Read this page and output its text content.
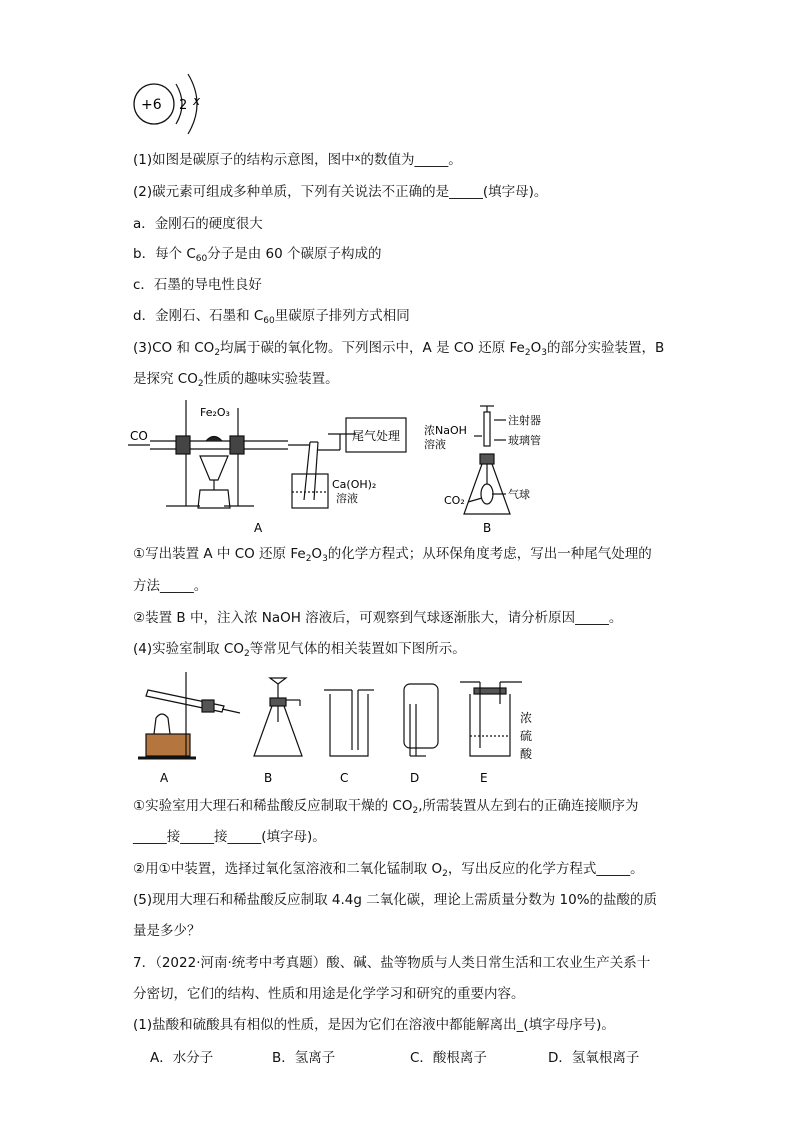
+6 2 x
(1)如图是碳原子的结构示意图，图中$^x$的数值为_____。
(2)碳元素可组成多种单质，下列有关说法不正确的是_____(填字母)。
a．金刚石的硬度很大
b．每个 $C_{60}$分子是由 60 个碳原子构成的
c．石墨的导电性良好
d．金刚石、石墨和 $C_{60}$里碳原子排列方式相同
(3)CO 和 $CO_2$均属于碳的氧化物。下列图示中，A 是 CO 还原 $Fe_2O_3$的部分实验装置，B
是探究 $CO_2$性质的趣味实验装置。
CO
Fe₂O₃
尾气处理
Ca(OH)₂
溶液
A
注射器
浓NaOH
溶液	玻璃管
CO₂	气球
B
①写出装置 A 中 CO 还原 $Fe_2O_3$的化学方程式；从环保角度考虑，写出一种尾气处理的
方法_____。
②装置 B 中，注入浓 NaOH 溶液后，可观察到气球逐渐胀大，请分析原因_____。
(4)实验室制取 $CO_2$等常见气体的相关装置如下图所示。
A	B	C	D	E
浓
硫
酸
①实验室用大理石和稀盐酸反应制取干燥的 $CO_2$,所需装置从左到右的正确连接顺序为
_____接_____接_____(填字母)。
②用①中装置，选择过氧化氢溶液和二氧化锰制取 $O_2$，写出反应的化学方程式_____。
(5)现用大理石和稀盐酸反应制取 4.4g 二氧化碳，理论上需质量分数为 10%的盐酸的质
量是多少？
7．（2022·河南·统考中考真题）酸、碱、盐等物质与人类日常生活和工农业生产关系十
分密切，它们的结构、性质和用途是化学学习和研究的重要内容。
(1)盐酸和硫酸具有相似的性质，是因为它们在溶液中都能解离出_(填字母序号)。
A．水分子	B．氢离子	C．酸根离子	D．氢氧根离子
